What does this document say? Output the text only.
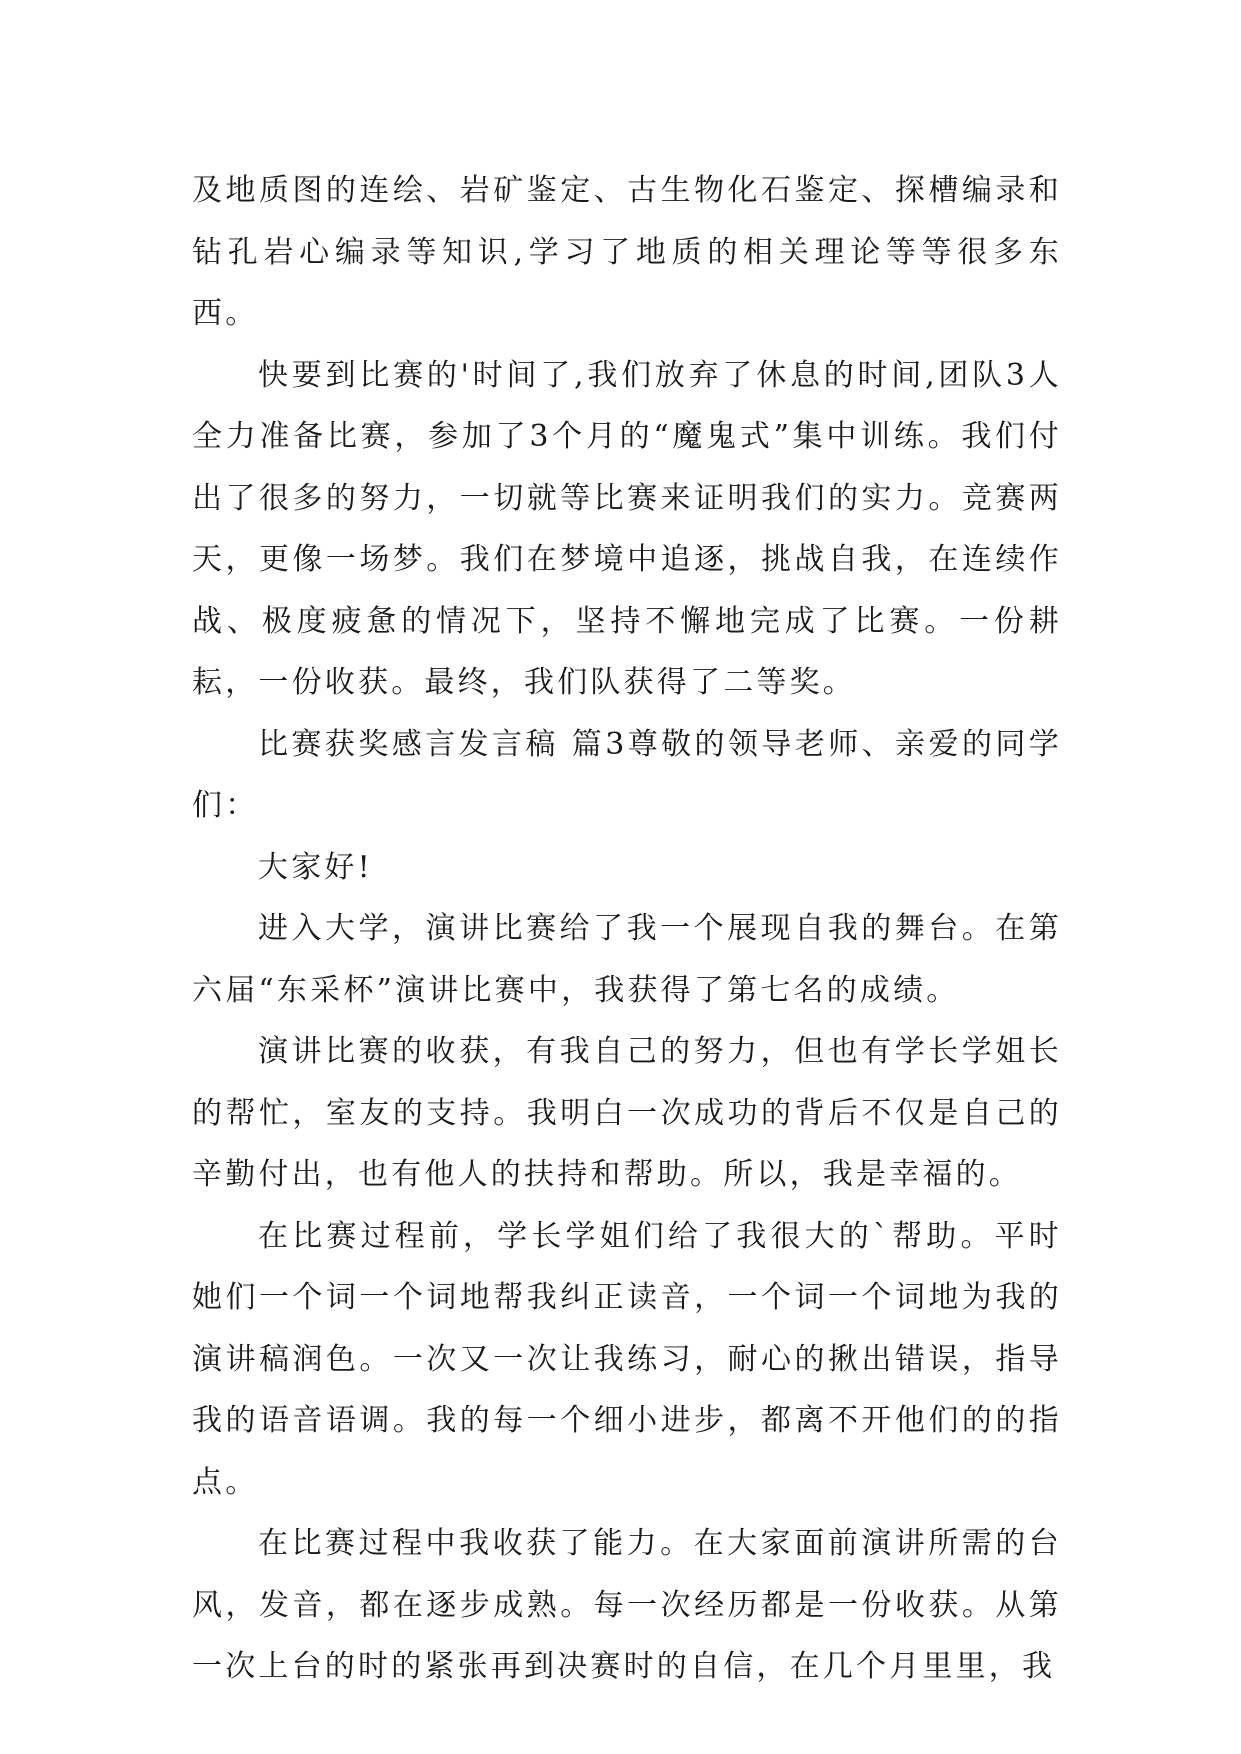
及地质图的连绘、岩矿鉴定、古生物化石鉴定、探槽编录和钻孔岩心编录等知识,学习了地质的相关理论等等很多东西。

快要到比赛的'时间了,我们放弃了休息的时间,团队3人全力准备比赛，参加了3个月的“魔鬼式”集中训练。我们付出了很多的努力，一切就等比赛来证明我们的实力。竞赛两天，更像一场梦。我们在梦境中追逐，挑战自我，在连续作战、极度疲惫的情况下，坚持不懈地完成了比赛。一份耕耘，一份收获。最终，我们队获得了二等奖。

比赛获奖感言发言稿 篇3尊敬的领导老师、亲爱的同学们：

大家好!

进入大学，演讲比赛给了我一个展现自我的舞台。在第六届“东采杯”演讲比赛中，我获得了第七名的成绩。

演讲比赛的收获，有我自己的努力，但也有学长学姐长的帮忙，室友的支持。我明白一次成功的背后不仅是自己的辛勤付出，也有他人的扶持和帮助。所以，我是幸福的。

在比赛过程前，学长学姐们给了我很大的`帮助。平时她们一个词一个词地帮我纠正读音，一个词一个词地为我的演讲稿润色。一次又一次让我练习，耐心的揪出错误，指导我的语音语调。我的每一个细小进步，都离不开他们的的指点。

在比赛过程中我收获了能力。在大家面前演讲所需的台风，发音，都在逐步成熟。每一次经历都是一份收获。从第一次上台的时的紧张再到决赛时的自信，在几个月里里，我
